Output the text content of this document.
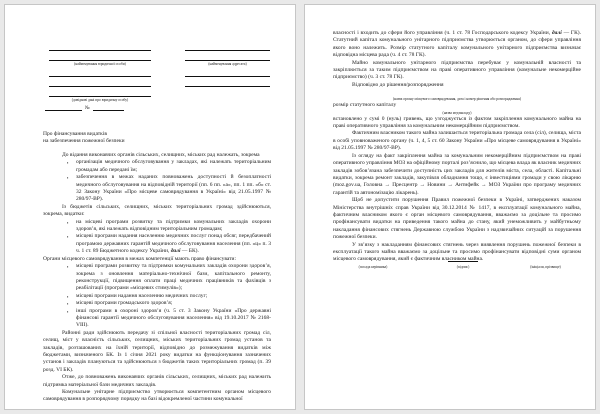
(найменування юридичної особи)
(довідкові дані про юридичну особу)
№
(найменування адресата)
Про фінансування видатків
на забезпечення пожежної безпеки
До відання виконавчих органів сільських, селищних, міських рад належать, зокрема
▪	організація медичного обслуговування у закладах, які належать територіальним громадам або передані їм;
▪	забезпечення в межах наданих повноважень доступності й безоплатності медичного обслуговування на відповідній території (пп. 6 пп. «а», пп. 1 пп. «б» ст. 32 Закону України «Про місцеве самоврядування в Україні» від 21.05.1997 № 280/97-ВР).
Із бюджетів сільських, селищних, міських територіальних громад здійснюються, зокрема, видатки:
▪	на місцеві програми розвитку та підтримки комунальних закладів охорони здоров’я, які належать відповідним територіальним громадам;
▪	місцеві програми надання населенню медичних послуг понад обсяг, передбачений програмою державних гарантій медичного обслуговування населення (пп. «ц» п. 3 ч. 1 ст. 89 Бюджетного кодексу України, далі — БК).
Органи місцевого самоврядування в межах компетенції мають право фінансувати:
▪	місцеві програми розвитку та підтримки комунальних закладів охорони здоров’я, зокрема з оновлення матеріально-технічної бази, капітального ремонту, реконструкції, підвищення оплати праці медичних працівників та фахівців з реабілітації (програми «місцевих стимулів»);
▪	місцеві програми надання населенню медичних послуг;
▪	місцеві програми громадського здоров’я;
▪	інші програми в охороні здоров’я (ч. 5 ст. 3 Закону України «Про державні фінансові гарантії медичного обслуговування населення» від 19.10.2017 № 2168-VIII).
Районні ради здійснюють передачу зі спільної власності територіальних громад сіл, селищ, міст у власність сільських, селищних, міських територіальних громад установ та закладів, розташованих на їхній території, відповідно до розмежування видатків між бюджетами, визначеного БК. Із 1 січня 2021 року видатки на функціонування зазначених установ і закладів плануються та здійснюються з бюджетів таких територіальних громад (п. 39 розд. VI БК).
Отже, до повноважень виконавчих органів сільських, селищних, міських рад належить підтримка матеріальної бази медичних закладів.
Комунальне унітарне підприємство утворюється компетентним органом місцевого самоврядування в розпорядчому порядку на базі відокремленої частини комунальної
власності і входить до сфери його управління (ч. 1 ст. 78 Господарського кодексу України, далі — ГК). Статутний капітал комунального унітарного підприємства утворюється органом, до сфери управління якого воно належить. Розмір статутного капіталу комунального унітарного підприємства визначає відповідна місцева рада (ч. 4 ст. 78 ГК).
Майно комунального унітарного підприємства перебуває у комунальній власності та закріплюється за таким підприємством на праві оперативного управління (комунальне некомерційне підприємство) (ч. 3 ст. 78 ГК).
Відповідно до рішення/розпорядження
(назва органу місцевого самоврядування, дата і номер рішення або розпорядження)
розмір статутного капіталу
(назва медзакладу)
встановлено у сумі 0 (нуль) гривень, що узгоджується із фактом закріплення комунального майна на праві оперативного управління за комунальним некомерційним підприємством.
Фактичним власником такого майна залишається територіальна громада села (сіл), селища, міста в особі уповноваженого органу (ч. 1, 4, 5 ст. 60 Закону України «Про місцеве самоврядування в Україні» від 21.05.1997 № 280/97-ВР).
Із огляду на факт закріплення майна за комунальним некомерційним підприємством на праві оперативного управління МОЗ на офіційному порталі роз’яснило, що місцева влада як власник медичних закладів зобов’язана забезпечити доступність цих закладів для жителів міста, села, області. Капітальні видатки, зокрема ремонт закладів, закупівля обладнання тощо, є інвестиціями громади у свою лікарню (moz.gov.ua, Головна → Пресцентр → Новини → Антифейк → МОЗ України про програму медичних гарантій та автономізацію лікарень).
Щоб не допустити порушення Правил пожежної безпеки в Україні, затверджених наказом Міністерства внутрішніх справ України від 30.12.2014 № 1417, в експлуатації комунального майна, фактичним власником якого є орган місцевого самоврядування, вважаємо за доцільне та просимо профінансувати видатки на приведення такого майна до стану, який унеможливить у майбутньому накладання фінансових стягнень Державною службою України з надзвичайних ситуацій за порушення пожежної безпеки.
У зв’язку з накладанням фінансових стягнень через виявлення порушень пожежної безпеки в експлуатації такого майна вважаємо за доцільне та просимо профінансувати відповідні суми органом місцевого самоврядування, який є фактичним власником майна.
(посада керівника)	(підпис)	(ініціали, прізвище)
